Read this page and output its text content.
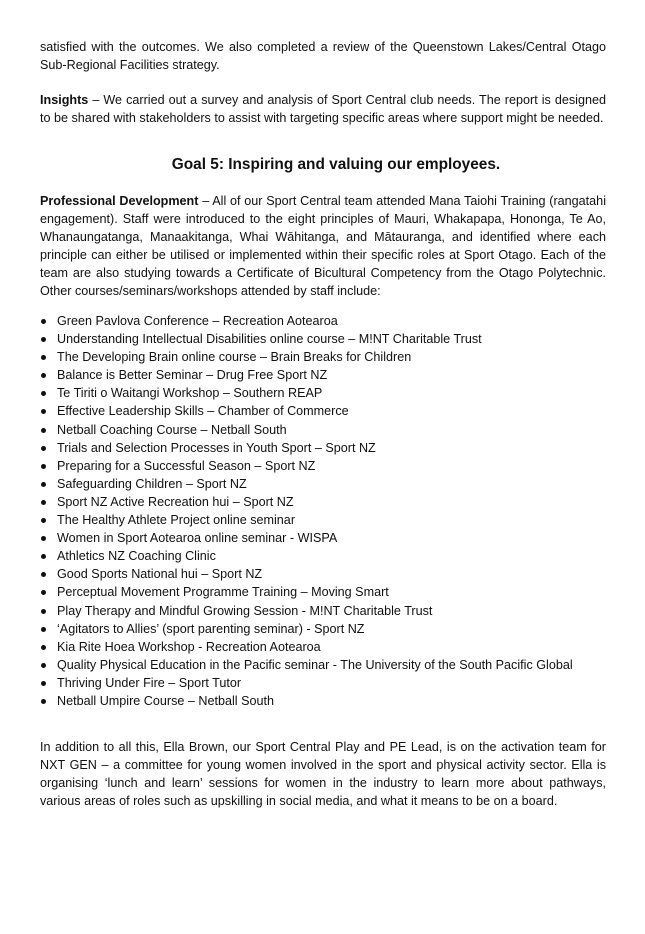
satisfied with the outcomes. We also completed a review of the Queenstown Lakes/Central Otago Sub-Regional Facilities strategy.

Insights – We carried out a survey and analysis of Sport Central club needs. The report is designed to be shared with stakeholders to assist with targeting specific areas where support might be needed.

Goal 5: Inspiring and valuing our employees.

Professional Development – All of our Sport Central team attended Mana Taiohi Training (rangatahi engagement). Staff were introduced to the eight principles of Mauri, Whakapapa, Hononga, Te Ao, Whanaungatanga, Manaakitanga, Whai Wāhitanga, and Mātauranga, and identified where each principle can either be utilised or implemented within their specific roles at Sport Otago. Each of the team are also studying towards a Certificate of Bicultural Competency from the Otago Polytechnic. Other courses/seminars/workshops attended by staff include:

Green Pavlova Conference – Recreation Aotearoa
Understanding Intellectual Disabilities online course – M!NT Charitable Trust
The Developing Brain online course – Brain Breaks for Children
Balance is Better Seminar – Drug Free Sport NZ
Te Tiriti o Waitangi Workshop – Southern REAP
Effective Leadership Skills – Chamber of Commerce
Netball Coaching Course – Netball South
Trials and Selection Processes in Youth Sport – Sport NZ
Preparing for a Successful Season – Sport NZ
Safeguarding Children – Sport NZ
Sport NZ Active Recreation hui – Sport NZ
The Healthy Athlete Project online seminar
Women in Sport Aotearoa online seminar - WISPA
Athletics NZ Coaching Clinic
Good Sports National hui – Sport NZ
Perceptual Movement Programme Training – Moving Smart
Play Therapy and Mindful Growing Session - M!NT Charitable Trust
‘Agitators to Allies’ (sport parenting seminar) - Sport NZ
Kia Rite Hoea Workshop - Recreation Aotearoa
Quality Physical Education in the Pacific seminar - The University of the South Pacific Global
Thriving Under Fire – Sport Tutor
Netball Umpire Course – Netball South

In addition to all this, Ella Brown, our Sport Central Play and PE Lead, is on the activation team for NXT GEN – a committee for young women involved in the sport and physical activity sector. Ella is organising ‘lunch and learn’ sessions for women in the industry to learn more about pathways, various areas of roles such as upskilling in social media, and what it means to be on a board.
